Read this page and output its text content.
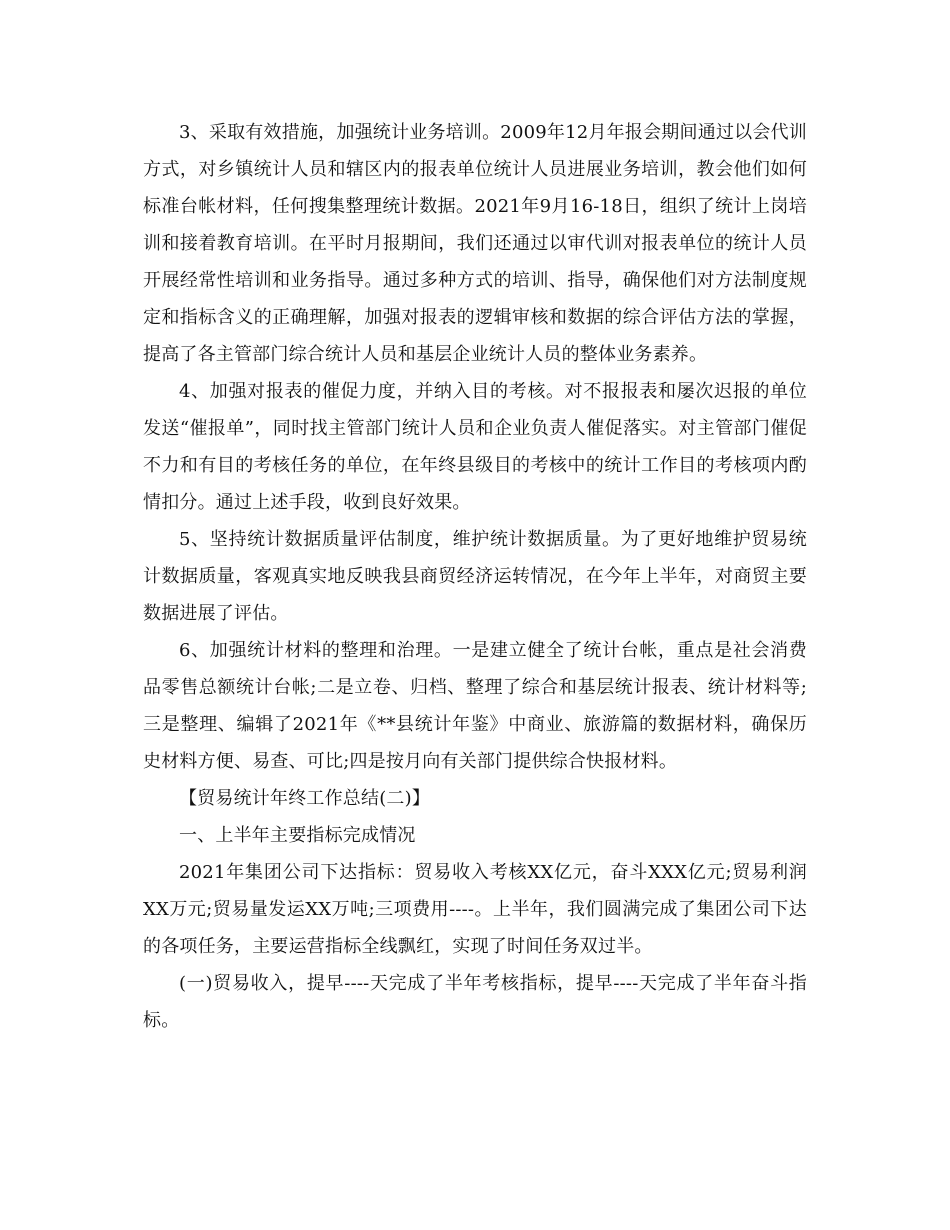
3、采取有效措施，加强统计业务培训。2009年12月年报会期间通过以会代训方式，对乡镇统计人员和辖区内的报表单位统计人员进展业务培训，教会他们如何标准台帐材料，任何搜集整理统计数据。2021年9月16-18日，组织了统计上岗培训和接着教育培训。在平时月报期间，我们还通过以审代训对报表单位的统计人员开展经常性培训和业务指导。通过多种方式的培训、指导，确保他们对方法制度规定和指标含义的正确理解，加强对报表的逻辑审核和数据的综合评估方法的掌握，提高了各主管部门综合统计人员和基层企业统计人员的整体业务素养。

4、加强对报表的催促力度，并纳入目的考核。对不报报表和屡次迟报的单位发送“催报单”，同时找主管部门统计人员和企业负责人催促落实。对主管部门催促不力和有目的考核任务的单位，在年终县级目的考核中的统计工作目的考核项内酌情扣分。通过上述手段，收到良好效果。

5、坚持统计数据质量评估制度，维护统计数据质量。为了更好地维护贸易统计数据质量，客观真实地反映我县商贸经济运转情况，在今年上半年，对商贸主要数据进展了评估。

6、加强统计材料的整理和治理。一是建立健全了统计台帐，重点是社会消费品零售总额统计台帐;二是立卷、归档、整理了综合和基层统计报表、统计材料等;三是整理、编辑了2021年《**县统计年鉴》中商业、旅游篇的数据材料，确保历史材料方便、易查、可比;四是按月向有关部门提供综合快报材料。

【贸易统计年终工作总结(二)】

一、上半年主要指标完成情况

2021年集团公司下达指标：贸易收入考核XX亿元，奋斗XXX亿元;贸易利润XX万元;贸易量发运XX万吨;三项费用----。上半年，我们圆满完成了集团公司下达的各项任务，主要运营指标全线飘红，实现了时间任务双过半。

(一)贸易收入，提早----天完成了半年考核指标，提早----天完成了半年奋斗指标。
